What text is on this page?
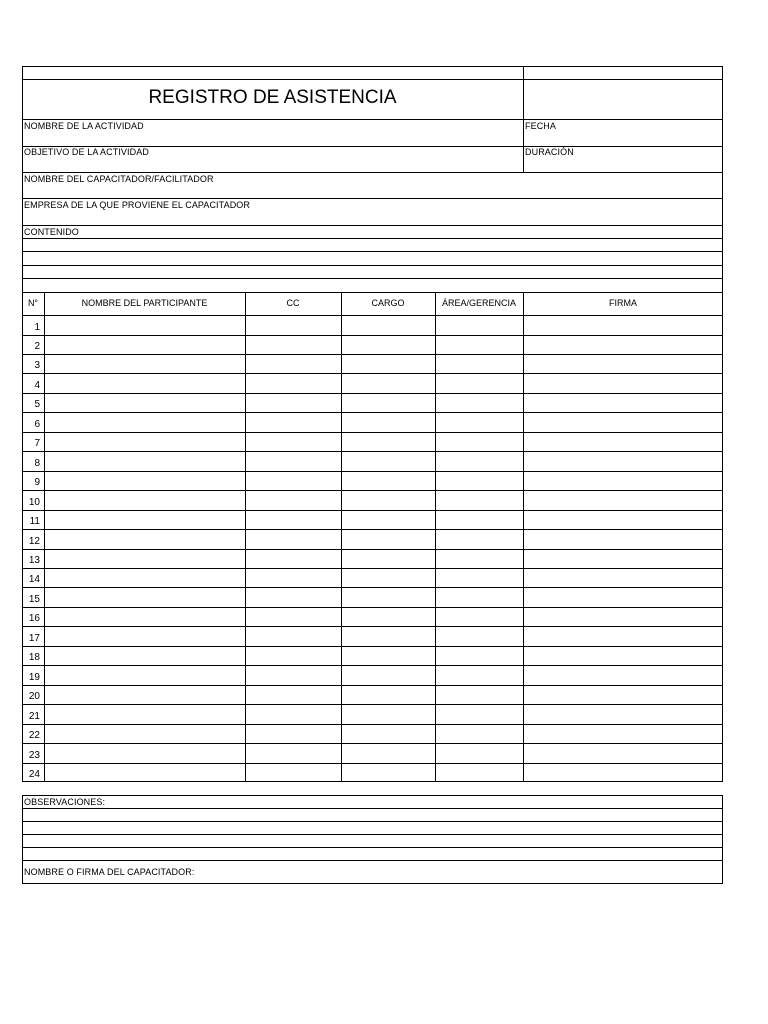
REGISTRO DE ASISTENCIA
NOMBRE DE LA ACTIVIDAD	FECHA
OBJETIVO DE LA ACTIVIDAD	DURACIÓN
NOMBRE DEL CAPACITADOR/FACILITADOR
EMPRESA DE LA QUE PROVIENE EL CAPACITADOR
CONTENIDO
N°	NOMBRE DEL PARTICIPANTE	CC	CARGO	ÁREA/GERENCIA	FIRMA
1
2
3
4
5
6
7
8
9
10
11
12
13
14
15
16
17
18
19
20
21
22
23
24
OBSERVACIONES:
NOMBRE O FIRMA DEL CAPACITADOR:
